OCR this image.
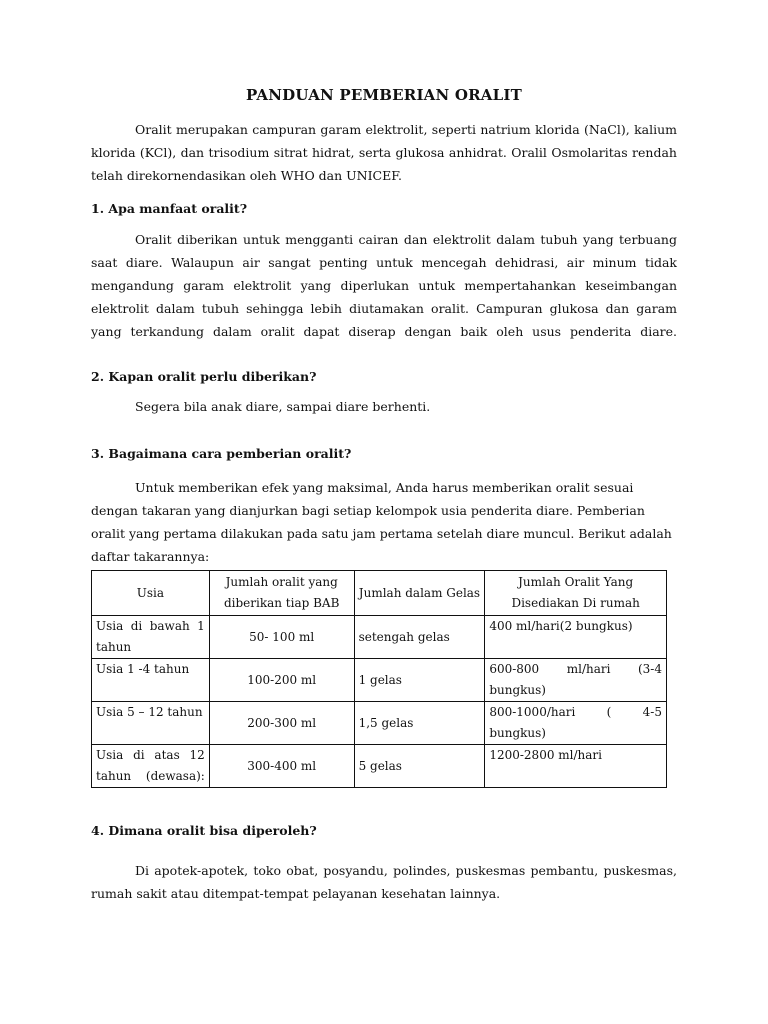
PANDUAN PEMBERIAN ORALIT
Oralit merupakan campuran garam elektrolit, seperti natrium klorida (NaCl), kalium
klorida (KCl), dan trisodium sitrat hidrat, serta glukosa anhidrat. Oralil Osmolaritas rendah
telah direkornendasikan oleh WHO dan UNICEF.
1. Apa manfaat oralit?
Oralit diberikan untuk mengganti cairan dan elektrolit dalam tubuh yang terbuang
saat diare. Walaupun air sangat penting untuk mencegah dehidrasi, air minum tidak
mengandung garam elektrolit yang diperlukan untuk mempertahankan keseimbangan
elektrolit dalam tubuh sehingga lebih diutamakan oralit. Campuran glukosa dan garam
yang terkandung dalam oralit dapat diserap dengan baik oleh usus penderita diare.
2. Kapan oralit perlu diberikan?
Segera bila anak diare, sampai diare berhenti.
3. Bagaimana cara pemberian oralit?
Untuk memberikan efek yang maksimal, Anda harus memberikan oralit sesuai
dengan takaran yang dianjurkan bagi setiap kelompok usia penderita diare. Pemberian
oralit yang pertama dilakukan pada satu jam pertama setelah diare muncul. Berikut adalah
daftar takarannya:
Usia	Jumlah oralit yang diberikan tiap BAB	Jumlah dalam Gelas	Jumlah Oralit Yang Disediakan Di rumah

Usia di bawah 1 tahun	50- 100 ml	setengah gelas	400 ml/hari(2 bungkus)
Usia 1 -4 tahun	100-200 ml	1 gelas	600-800 ml/hari (3-4 bungkus)

Usia 5 – 12 tahun	200-300 ml	1,5 gelas	800-1000/hari ( 4-5 bungkus)

Usia di atas 12 tahun (dewasa):	300-400 ml	5 gelas	1200-2800 ml/hari
4. Dimana oralit bisa diperoleh?
Di apotek-apotek, toko obat, posyandu, polindes, puskesmas pembantu, puskesmas,
rumah sakit atau ditempat-tempat pelayanan kesehatan lainnya.
